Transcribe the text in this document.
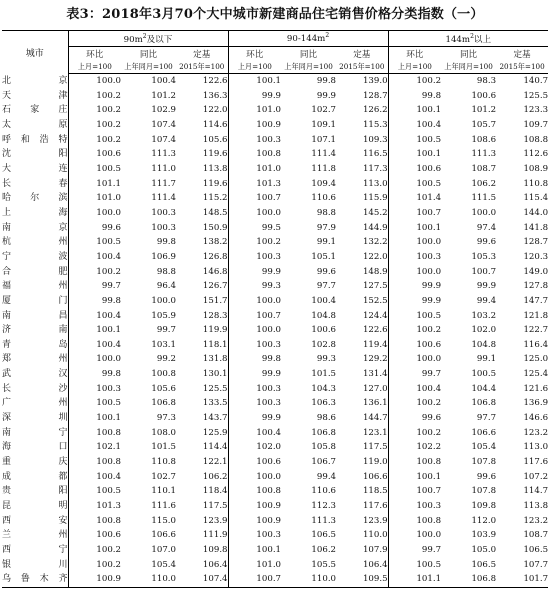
表3：2018年3月70个大中城市新建商品住宅销售价格分类指数（一）
城市	$90m^2$及以下			$90-144m^2$			$144m^2$以上		
	环比	同比	定基	环比	同比	定基	环比	同比	定基
	上月=100	上年同月=100	2015年=100	上月=100	上年同月=100	2015年=100	上月=100	上年同月=100	2015年=100
北京	100.0	100.4	122.6	100.1	99.8	139.0	100.2	98.3	140.7
天津	100.2	101.2	136.3	99.9	99.9	128.7	99.8	100.6	125.5
石家庄	100.2	102.9	122.0	101.0	102.7	126.2	100.1	101.2	123.3
太原	100.2	107.4	114.6	100.9	109.1	115.3	100.4	105.7	109.7
呼和浩特	100.2	107.4	105.6	100.3	107.1	109.3	100.5	108.6	108.8
沈阳	100.6	111.3	119.6	100.8	111.4	116.5	100.1	111.3	112.6
大连	100.5	111.0	113.8	101.0	111.8	117.3	100.6	108.7	108.9
长春	101.1	111.7	119.6	101.3	109.4	113.0	100.5	106.2	110.8
哈尔滨	101.0	111.4	115.2	100.7	110.6	115.9	101.4	111.5	115.4
上海	100.0	100.3	148.5	100.0	98.8	145.2	100.7	100.0	144.0
南京	99.6	100.3	150.9	99.5	97.9	144.9	100.1	97.4	141.8
杭州	100.5	99.8	138.2	100.2	99.1	132.2	100.0	99.6	128.7
宁波	100.4	106.9	126.8	100.3	105.1	122.0	100.3	105.3	120.3
合肥	100.2	98.8	146.8	99.9	99.6	148.9	100.0	100.7	149.0
福州	99.7	96.4	126.7	99.3	97.7	127.5	99.9	99.9	127.8
厦门	99.8	100.0	151.7	100.0	100.4	152.5	99.9	99.4	147.7
南昌	100.4	105.9	128.3	100.7	104.8	124.4	100.5	103.2	121.8
济南	100.1	99.7	119.9	100.0	100.6	122.6	100.2	102.0	122.7
青岛	100.4	103.1	118.1	100.3	102.8	119.4	100.6	104.8	116.4
郑州	100.0	99.2	131.8	99.8	99.3	129.2	100.0	99.1	125.0
武汉	99.8	100.8	130.1	99.9	101.5	131.4	99.7	100.5	125.4
长沙	100.3	105.6	125.5	100.3	104.3	127.0	100.4	104.4	121.6
广州	100.5	106.8	133.5	100.3	106.3	136.1	100.2	106.8	136.9
深圳	100.1	97.3	143.7	99.9	98.6	144.7	99.6	97.7	146.6
南宁	100.8	108.0	125.9	100.4	106.8	123.1	100.2	106.6	123.2
海口	102.1	101.5	114.4	102.0	105.8	117.5	102.2	105.4	113.0
重庆	100.8	110.8	122.1	100.6	106.7	119.0	100.8	107.8	117.6
成都	100.4	102.7	106.2	100.0	99.4	106.6	100.1	99.6	107.2
贵阳	100.5	110.1	118.4	100.8	110.6	118.5	100.7	107.8	114.7
昆明	101.3	111.6	117.5	100.9	112.3	117.6	100.3	109.8	113.8
西安	100.8	115.0	123.9	100.9	111.3	123.9	100.8	112.0	123.2
兰州	100.6	106.6	111.9	100.3	106.5	110.0	100.0	103.9	108.7
西宁	100.2	107.0	109.8	100.1	106.2	107.9	99.7	105.0	106.5
银川	100.2	105.4	106.4	101.0	105.5	106.4	100.5	106.5	107.7
乌鲁木齐	100.9	110.0	107.4	100.7	110.0	109.5	101.1	106.8	101.7
